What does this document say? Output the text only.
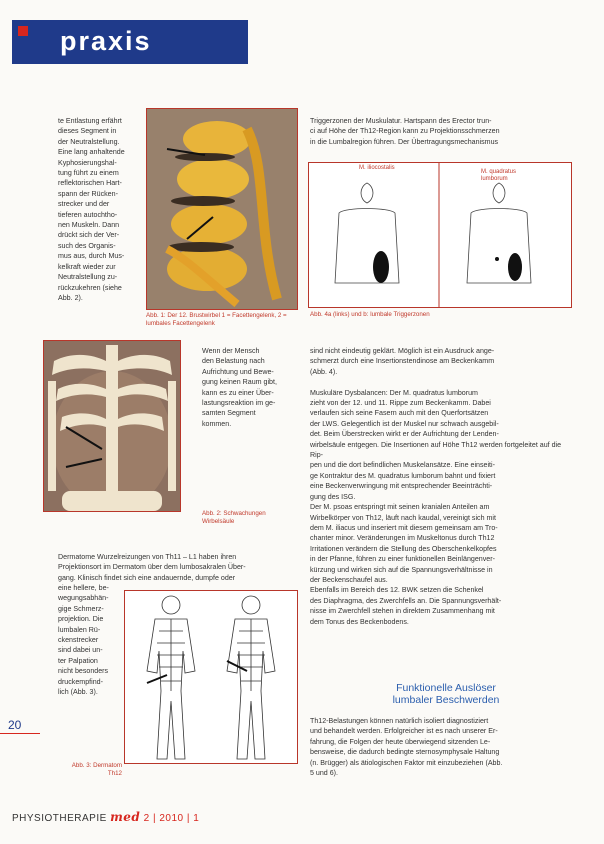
praxis

te Entlastung erfährt

dieses Segment in

der Neutralstellung.

Eine lang anhaltende

Kyphosierungshal-

tung führt zu einem

reflektorischen Hart-

spann der Rücken-

strecker und der

tieferen autochtho-

nen Muskeln. Dann

drückt sich der Ver-

such des Organis-

mus aus, durch Mus-

kelkraft wieder zur

Neutralstellung zu-

rückzukehren (siehe

Abb. 2).

Abb. 1: Der 12. Brustwirbel 1 = Facettengelenk, 2 = lumbales Facettengelenk

Triggerzonen der Muskulatur. Hartspann des Erector trun-

ci auf Höhe der Th12-Region kann zu Projektionsschmerzen

in die Lumbalregion führen. Der Übertragungsmechanismus

M. iliocostalis
M. quadratus lumborum
Abb. 4a (links) und b: lumbale Triggerzonen
Abb. 2: Schwachungen Wirbelsäule

Wenn der Mensch

den Belastung nach

Aufrichtung und Bewe-

gung keinen Raum gibt,

kann es zu einer Über-

lastungsreaktion im ge-

samten Segment

kommen.

sind nicht eindeutig geklärt. Möglich ist ein Ausdruck ange-

schmerzt durch eine Insertionstendinose am Beckenkamm

(Abb. 4).

Muskuläre Dysbalancen: Der M. quadratus lumborum

zieht von der 12. und 11. Rippe zum Beckenkamm. Dabei

verlaufen sich seine Fasern auch mit den Querfortsätzen

der LWS. Gelegentlich ist der Muskel nur schwach ausgebil-

det. Beim Überstrecken wirkt er der Aufrichtung der Lenden-

wirbelsäule entgegen. Die Insertionen auf Höhe Th12 werden fortgeleitet auf die Rip-

pen und die dort befindlichen Muskelansätze. Eine einseiti-

ge Kontraktur des M. quadratus lumborum bahnt und fixiert

eine Beckenverwringung mit entsprechender Beeinträchti-

gung des ISG.

Der M. psoas entspringt mit seinen kranialen Anteilen am

Wirbelkörper von Th12, läuft nach kaudal, vereinigt sich mit

dem M. iliacus und inseriert mit diesem gemeinsam am Tro-

chanter minor. Veränderungen im Muskeltonus durch Th12

Irritationen verändern die Stellung des Oberschenkelkopfes

in der Pfanne, führen zu einer funktionellen Beinlängenver-

kürzung und wirken sich auf die Spannungsverhältnisse in

der Beckenschaufel aus.

Ebenfalls im Bereich des 12. BWK setzen die Schenkel

des Diaphragma, des Zwerchfells an. Die Spannungsverhält-

nisse im Zwerchfell stehen in direktem Zusammenhang mit

dem Tonus des Beckenbodens.

Funktionelle Auslöser
lumbaler Beschwerden

Th12-Belastungen können natürlich isoliert diagnostiziert

und behandelt werden. Erfolgreicher ist es nach unserer Er-

fahrung, die Folgen der heute überwiegend sitzenden Le-

bensweise, die dadurch bedingte sternosymphysale Haltung

(n. Brügger) als ätiologischen Faktor mit einzubeziehen (Abb.

5 und 6).

Dermatome Wurzelreizungen von Th11 – L1 haben ihren

Projektionsort im Dermatom über dem lumbosakralen Über-

gang. Klinisch findet sich eine andauernde, dumpfe oder

eine hellere, be-

wegungsabhän-

gige Schmerz-

projektion. Die

lumbalen Rü-

ckenstrecker

sind dabei un-

ter Palpation

nicht besonders

druckempfind-

lich (Abb. 3).

Abb. 3: Dermatom Th12
20
PHYSIOTHERAPIE med 2 | 2010 | 1
